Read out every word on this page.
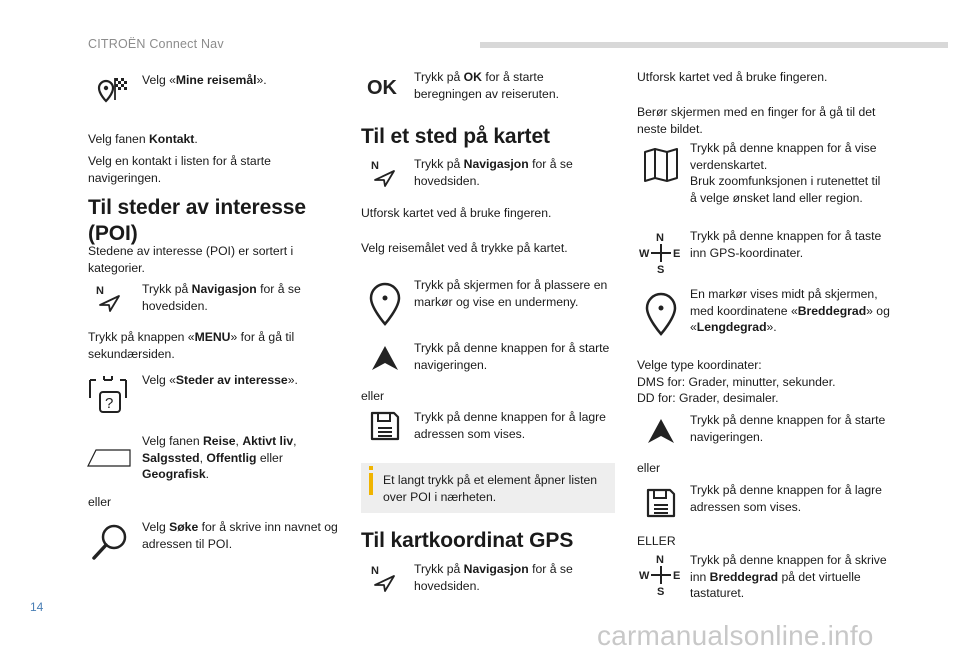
CITROËN Connect Nav
Velg «Mine reisemål».
Velg fanen Kontakt.
Velg en kontakt i listen for å starte navigeringen.
Til steder av interesse (POI)
Stedene av interesse (POI) er sortert i kategorier.
N	Trykk på Navigasjon for å se hovedsiden.
Trykk på knappen «MENU» for å gå til sekundærsiden.
?
Velg «Steder av interesse».
Velg fanen Reise, Aktivt liv, Salgssted, Offentlig eller Geografisk.
eller
Velg Søke for å skrive inn navnet og adressen til POI.
OK Trykk på OK for å starte beregningen av reiseruten.
Til et sted på kartet
N	Trykk på Navigasjon for å se hovedsiden.
Utforsk kartet ved å bruke fingeren.
Velg reisemålet ved å trykke på kartet.
Trykk på skjermen for å plassere en markør og vise en undermeny.
Trykk på denne knappen for å starte navigeringen.
eller
Trykk på denne knappen for å lagre adressen som vises.
Et langt trykk på et element åpner listen over POI i nærheten.
Til kartkoordinat GPS
N	Trykk på Navigasjon for å se hovedsiden.
Utforsk kartet ved å bruke fingeren.
Berør skjermen med en finger for å gå til det neste bildet.
Trykk på denne knappen for å vise verdenskartet.
Bruk zoomfunksjonen i rutenettet til å velge ønsket land eller region.
N
W E
S
Trykk på denne knappen for å taste inn GPS-koordinater.
En markør vises midt på skjermen, med koordinatene «Breddegrad» og «Lengdegrad».
Velge type koordinater:
DMS for: Grader, minutter, sekunder.
DD for: Grader, desimaler.
Trykk på denne knappen for å starte navigeringen.
eller
Trykk på denne knappen for å lagre adressen som vises.
ELLER
N
W E
S
Trykk på denne knappen for å skrive inn Breddegrad på det virtuelle tastaturet.
14
carmanualsonline.info
